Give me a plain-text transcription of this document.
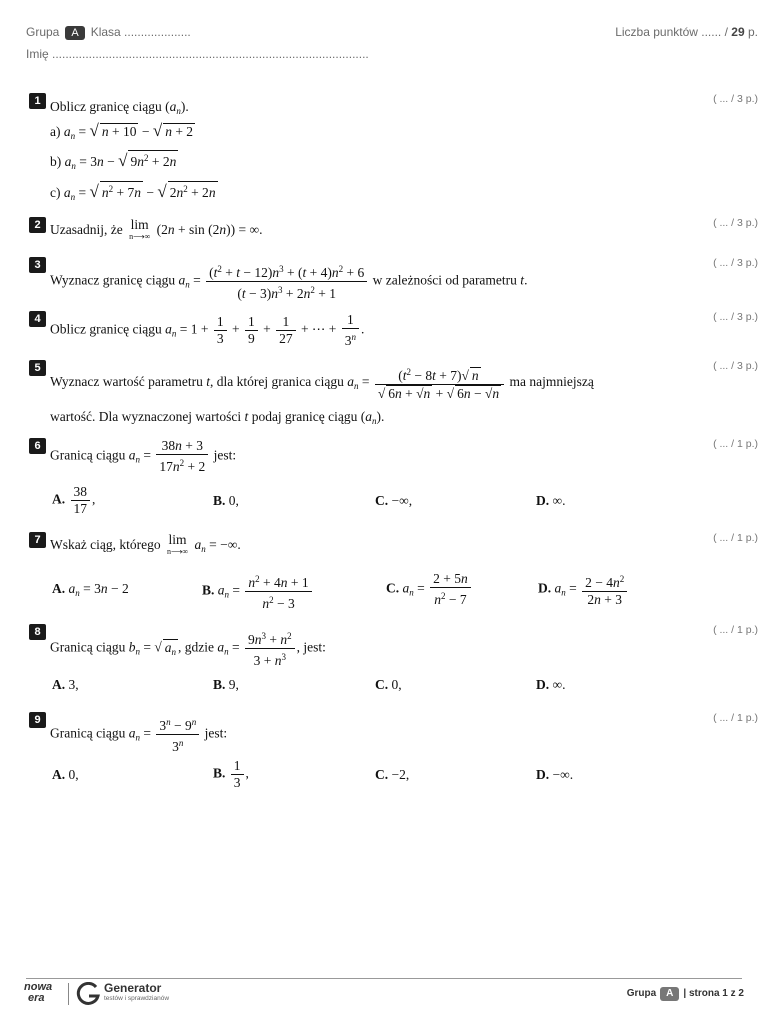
Grupa A Klasa ....................
Imię ...............................................................................................
Liczba punktów ...... / 29 p.
1	( ... / 3 p.)
Oblicz granicę ciągu $(a_n)$.
a) $a_n$ = √ n + 10 − √ n + 2
b) $a_n = 3n$ − √ $9n^2 + 2n$
c) $a_n$ = √ $n^2 + 7n$ − √ $2n^2 + 2n$
2	( ... / 3 p.)
Uzasadnij, że lim
n⟶∞ (2n + sin (2n)) = ∞.
3	( ... / 3 p.)
Wyznacz granicę ciągu $a_n = \frac{(t^2 + t - 12)n^3 + (t + 4)n^2 + 6}{(t - 3)n^3 + 2n^2 + 1}$ w zależności od parametru t.
4	( ... / 3 p.)
Oblicz granicę ciągu $a_n = 1 + \frac{1}{3} + \frac{1}{9} + \frac{1}{27}$ + ⋯ + $\frac{1}{3^n}$ .
5	( ... / 3 p.)
Wyznacz wartość parametru t, dla której granica ciągu $a_n = \frac{(t^2 - 8t + 7)√ n}{√ 6n + √n + √ 6n - √n}$ ma najmniejszą
wartość. Dla wyznaczonej wartości t podaj granicę ciągu $(a_n)$.
6	( ... / 1 p.)
Granicą ciągu $a_n = \frac{38n + 3}{17n^2 + 2}$ jest:
A. $\frac{38}{17}$ ,	B. 0,	C. −∞,	D. ∞.
7	( ... / 1 p.)
Wskaż ciąg, którego lim
n⟶∞ $a_n$ = −∞.
A. $a_n = 3n - 2$	B. $a_n = \frac{n^2 + 4n + 1}{n^2 - 3}$	C. $a_n = \frac{2 + 5n}{n^2 - 7}$	D. $a_n = \frac{2 - 4n^2}{2n + 3}$
8	( ... / 1 p.)
Granicą ciągu $b_n$ = √ $a_n$ , gdzie $a_n = \frac{9n^3 + n^2}{3 + n^3}$ , jest:
A. 3,	B. 9,	C. 0,	D. ∞.
9	( ... / 1 p.)
Granicą ciągu $a_n = \frac{3^n - 9^n}{3^n}$ jest:
A. 0,	B. $\frac{1}{3}$ ,	C. −2,	D. −∞.
nowa
era
Generator
testów i sprawdzianów	Grupa A | strona 1 z 2
